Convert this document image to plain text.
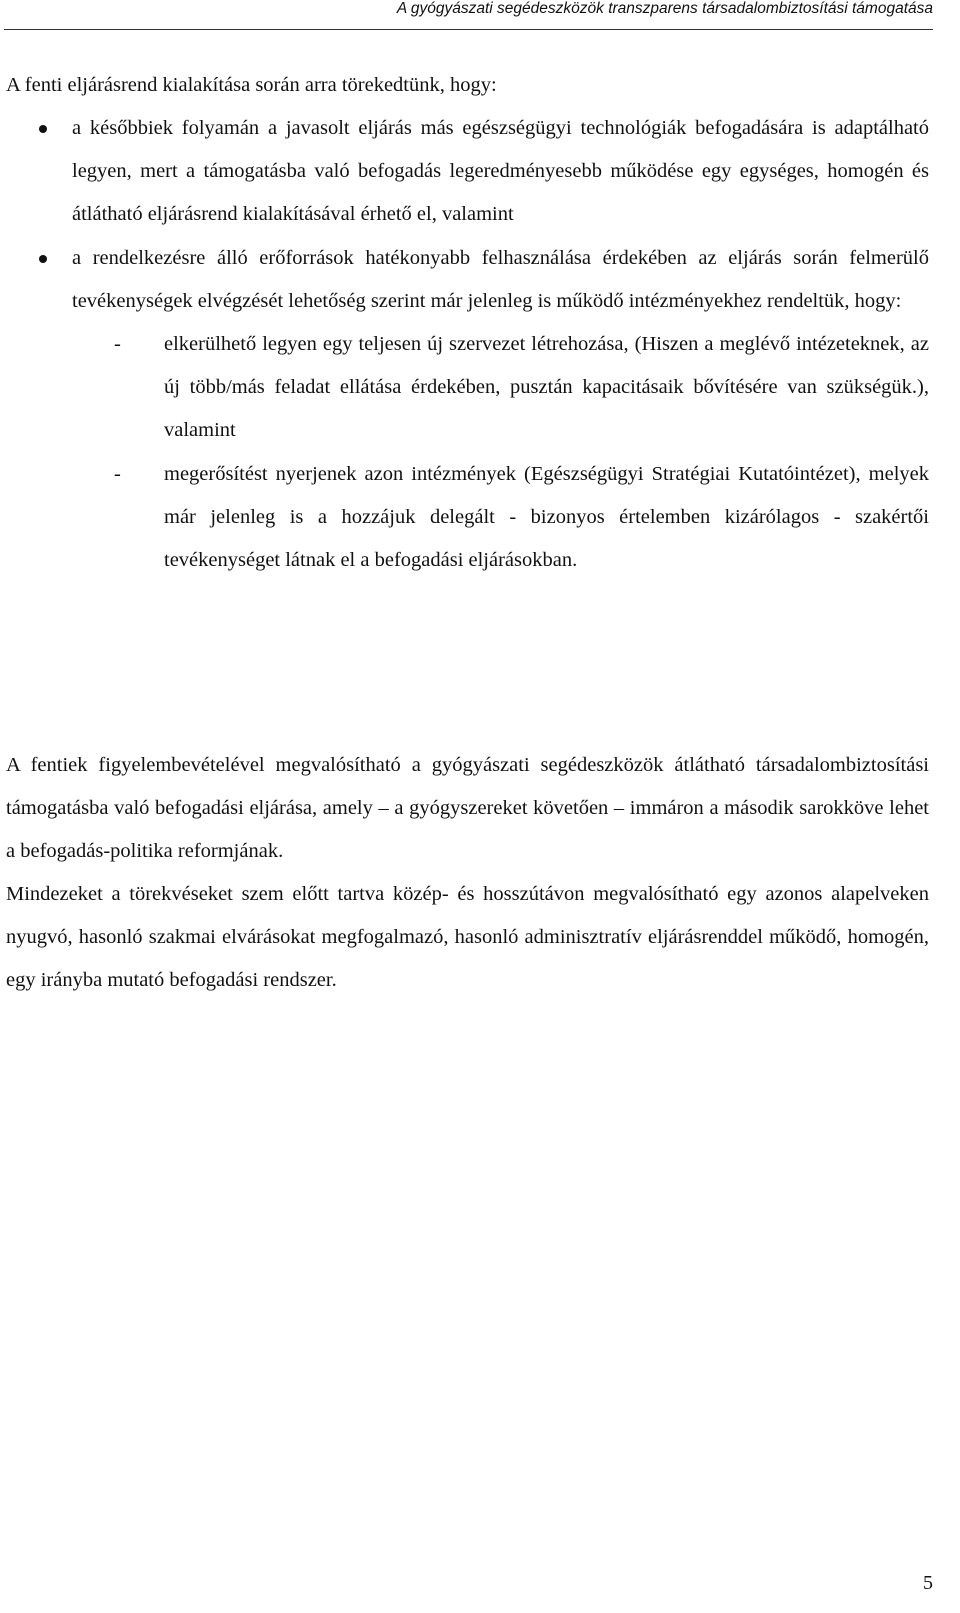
A gyógyászati segédeszközök transzparens társadalombiztosítási támogatása

A fenti eljárásrend kialakítása során arra törekedtünk, hogy:

a későbbiek folyamán a javasolt eljárás más egészségügyi technológiák befogadására is adaptálható legyen, mert a támogatásba való befogadás legeredményesebb működése egy egységes, homogén és átlátható eljárásrend kialakításával érhető el, valamint
a rendelkezésre álló erőforrások hatékonyabb felhasználása érdekében az eljárás során felmerülő tevékenységek elvégzését lehetőség szerint már jelenleg is működő intézményekhez rendeltük, hogy:
- elkerülhető legyen egy teljesen új szervezet létrehozása, (Hiszen a meglévő intézeteknek, az új több/más feladat ellátása érdekében, pusztán kapacitásaik bővítésére van szükségük.), valamint
- megerősítést nyerjenek azon intézmények (Egészségügyi Stratégiai Kutatóintézet), melyek már jelenleg is a hozzájuk delegált - bizonyos értelemben kizárólagos - szakértői tevékenységet látnak el a befogadási eljárásokban.

A fentiek figyelembevételével megvalósítható a gyógyászati segédeszközök átlátható társadalombiztosítási támogatásba való befogadási eljárása, amely – a gyógyszereket követően – immáron a második sarokköve lehet a befogadás-politika reformjának.

Mindezeket a törekvéseket szem előtt tartva közép- és hosszútávon megvalósítható egy azonos alapelveken nyugvó, hasonló szakmai elvárásokat megfogalmazó, hasonló adminisztratív eljárásrenddel működő, homogén, egy irányba mutató befogadási rendszer.

5
